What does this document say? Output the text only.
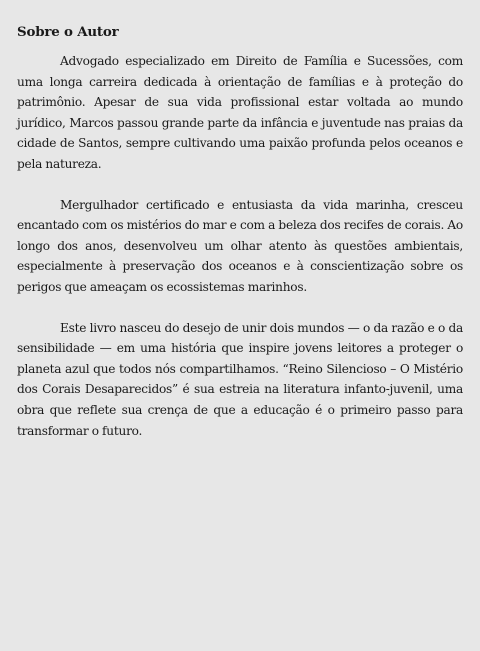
Sobre o Autor

Advogado especializado em Direito de Família e Sucessões, com uma longa carreira dedicada à orientação de famílias e à proteção do patrimônio. Apesar de sua vida profissional estar voltada ao mundo jurídico, Marcos passou grande parte da infância e juventude nas praias da cidade de Santos, sempre cultivando uma paixão profunda pelos oceanos e pela natureza.

Mergulhador certificado e entusiasta da vida marinha, cresceu encantado com os mistérios do mar e com a beleza dos recifes de corais. Ao longo dos anos, desenvolveu um olhar atento às questões ambientais, especialmente à preservação dos oceanos e à conscientização sobre os perigos que ameaçam os ecossistemas marinhos.

Este livro nasceu do desejo de unir dois mundos — o da razão e o da sensibilidade — em uma história que inspire jovens leitores a proteger o planeta azul que todos nós compartilhamos. “Reino Silencioso – O Mistério dos Corais Desaparecidos” é sua estreia na literatura infanto-juvenil, uma obra que reflete sua crença de que a educação é o primeiro passo para transformar o futuro.
